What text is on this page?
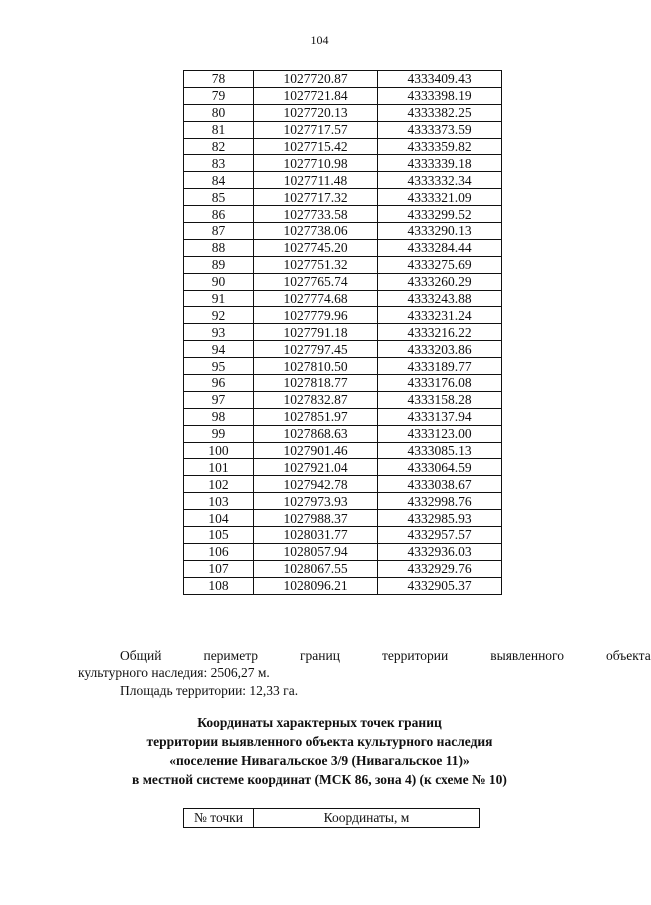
104
78	1027720.87	4333409.43
79	1027721.84	4333398.19
80	1027720.13	4333382.25
81	1027717.57	4333373.59
82	1027715.42	4333359.82
83	1027710.98	4333339.18
84	1027711.48	4333332.34
85	1027717.32	4333321.09
86	1027733.58	4333299.52
87	1027738.06	4333290.13
88	1027745.20	4333284.44
89	1027751.32	4333275.69
90	1027765.74	4333260.29
91	1027774.68	4333243.88
92	1027779.96	4333231.24
93	1027791.18	4333216.22
94	1027797.45	4333203.86
95	1027810.50	4333189.77
96	1027818.77	4333176.08
97	1027832.87	4333158.28
98	1027851.97	4333137.94
99	1027868.63	4333123.00
100	1027901.46	4333085.13
101	1027921.04	4333064.59
102	1027942.78	4333038.67
103	1027973.93	4332998.76
104	1027988.37	4332985.93
105	1028031.77	4332957.57
106	1028057.94	4332936.03
107	1028067.55	4332929.76
108	1028096.21	4332905.37
Общий	периметр	границ	территории	выявленного	объекта
культурного наследия: 2506,27 м.
Площадь территории: 12,33 га.
Координаты характерных точек границ
территории выявленного объекта культурного наследия
«поселение Нивагальское 3/9 (Нивагальское 11)»
в местной системе координат (МСК 86, зона 4) (к схеме № 10)
№ точки	Координаты, м
